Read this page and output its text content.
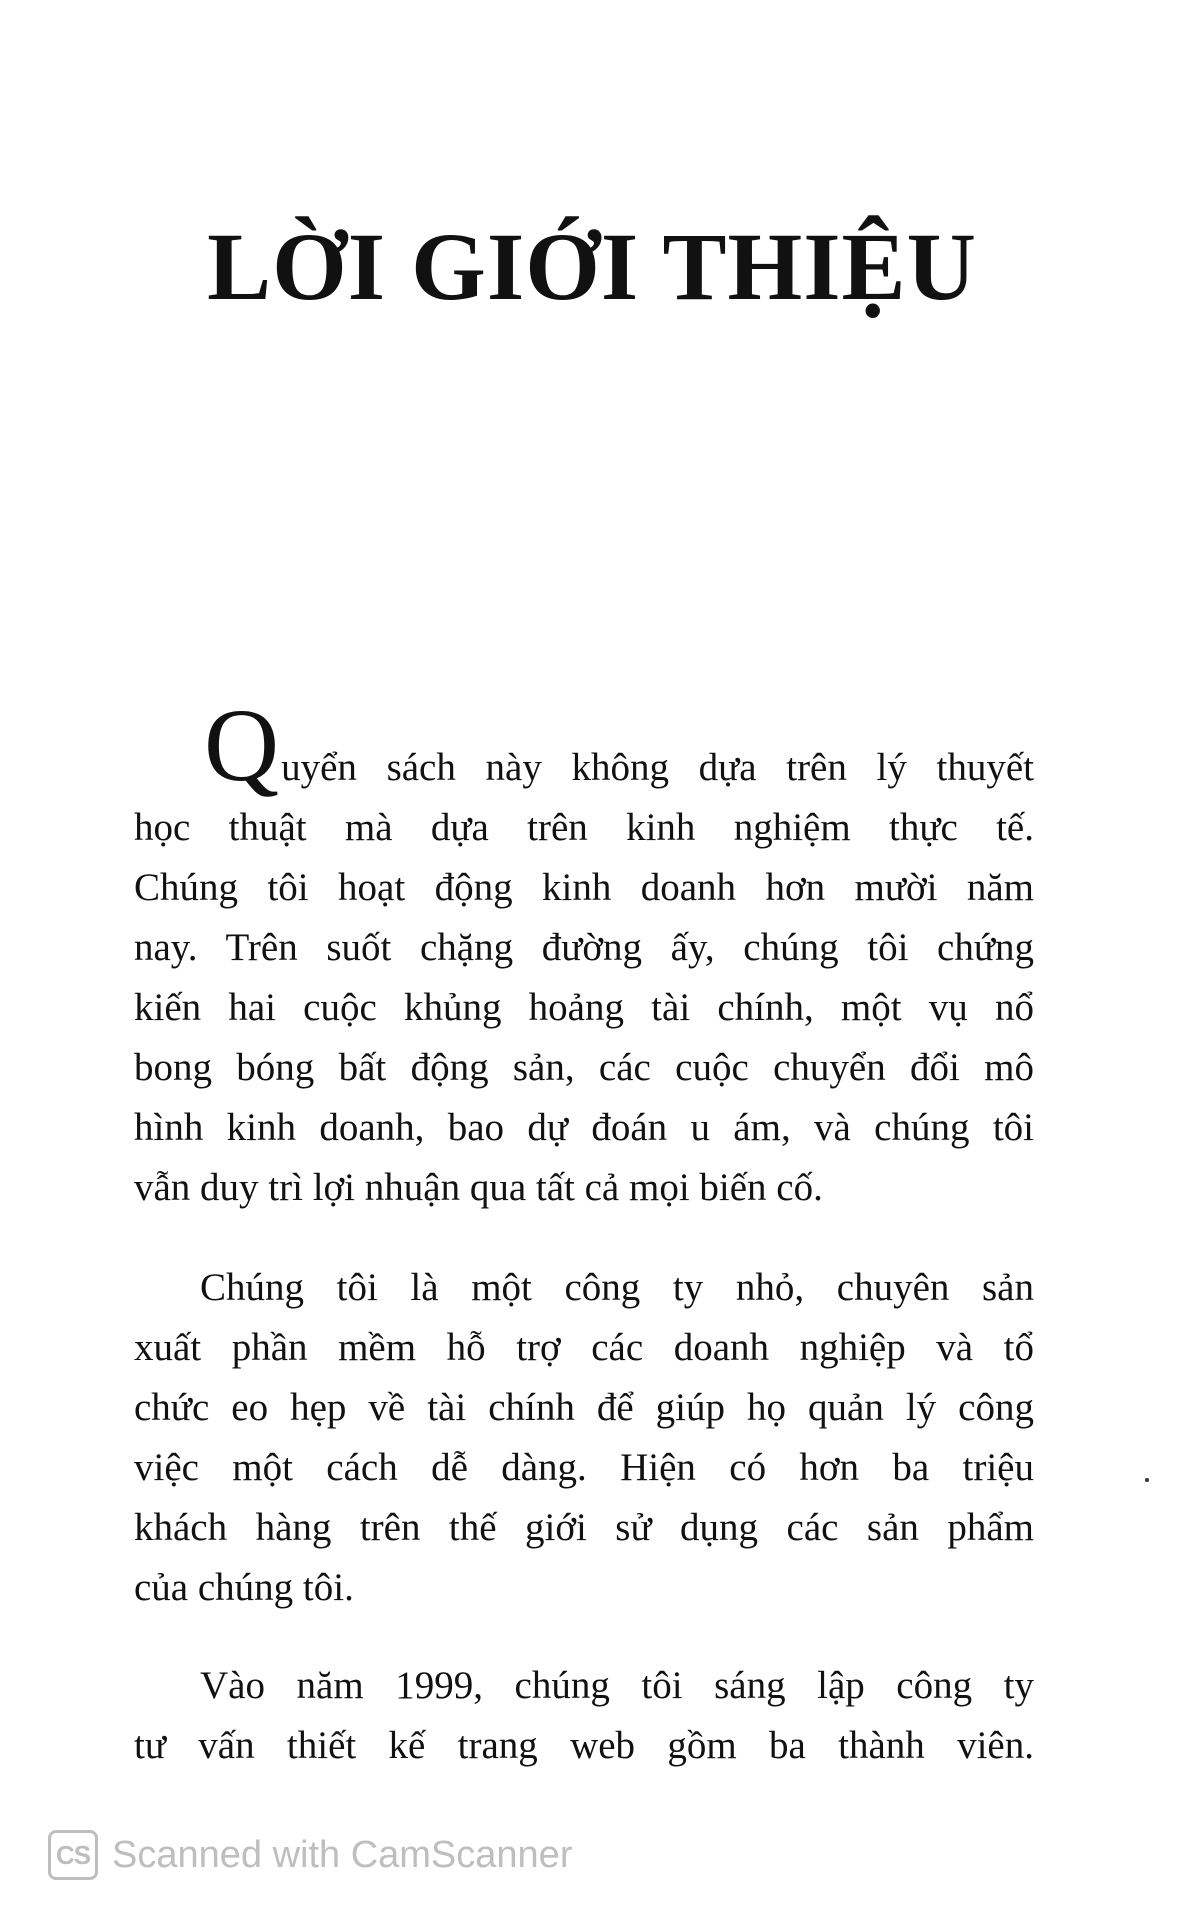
LỜI GIỚI THIỆU

Quyển sách này không dựa trên lý thuyết
học thuật mà dựa trên kinh nghiệm thực tế.
Chúng tôi hoạt động kinh doanh hơn mười năm
nay. Trên suốt chặng đường ấy, chúng tôi chứng
kiến hai cuộc khủng hoảng tài chính, một vụ nổ
bong bóng bất động sản, các cuộc chuyển đổi mô
hình kinh doanh, bao dự đoán u ám, và chúng tôi
vẫn duy trì lợi nhuận qua tất cả mọi biến cố.

Chúng tôi là một công ty nhỏ, chuyên sản
xuất phần mềm hỗ trợ các doanh nghiệp và tổ
chức eo hẹp về tài chính để giúp họ quản lý công
việc một cách dễ dàng. Hiện có hơn ba triệu
khách hàng trên thế giới sử dụng các sản phẩm
của chúng tôi.

Vào năm 1999, chúng tôi sáng lập công ty
tư vấn thiết kế trang web gồm ba thành viên.

CS Scanned with CamScanner
